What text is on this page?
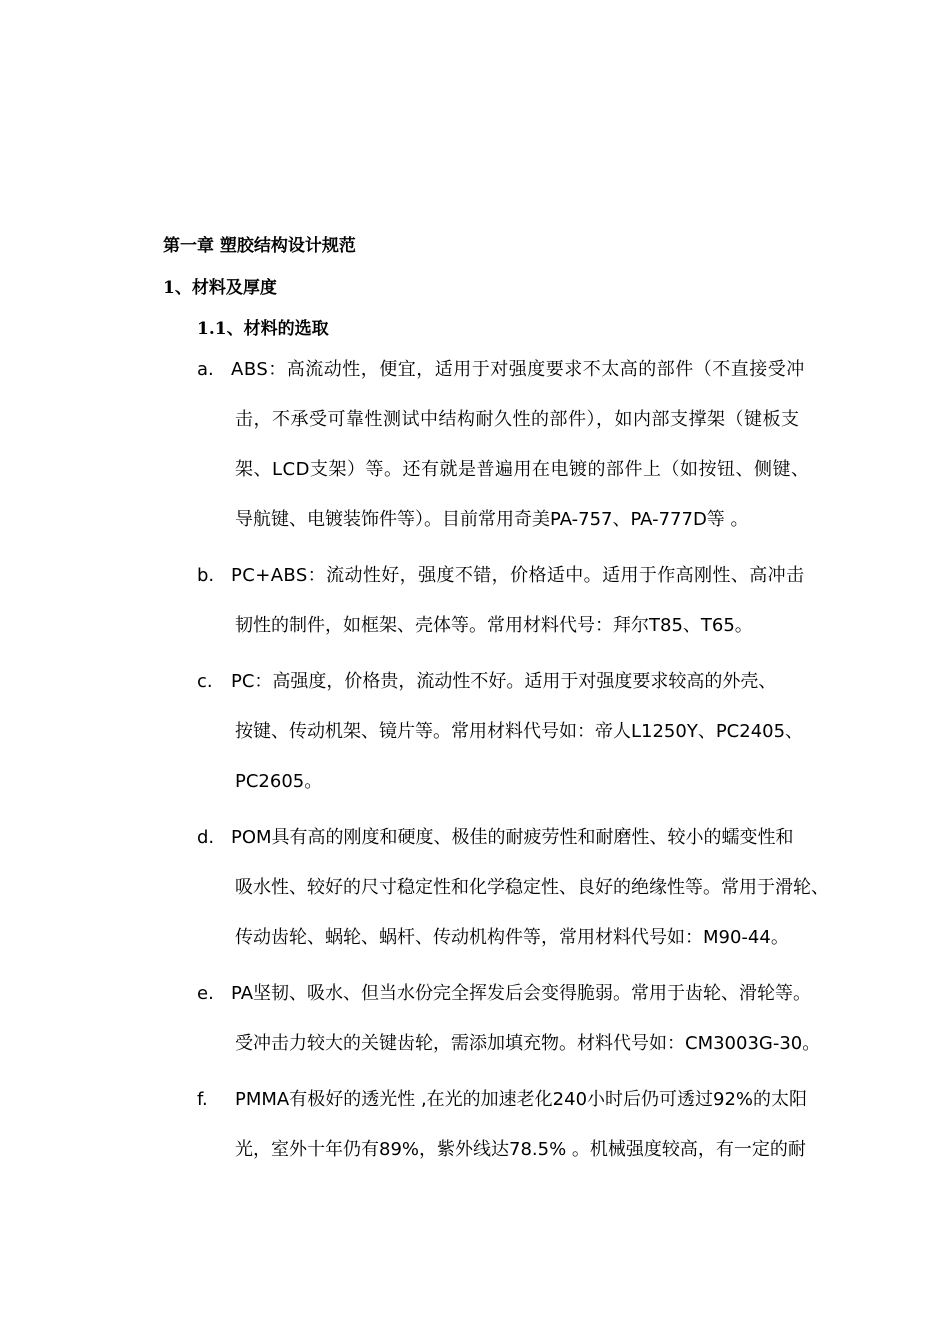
第一章 塑胶结构设计规范
1、材料及厚度
1.1、材料的选取
a. ABS：高流动性，便宜，适用于对强度要求不太高的部件（不直接受冲
击，不承受可靠性测试中结构耐久性的部件），如内部支撑架（键板支
架、LCD支架）等。还有就是普遍用在电镀的部件上（如按钮、侧键、
导航键、电镀装饰件等）。目前常用奇美PA-757、PA-777D等 。
b. PC+ABS：流动性好，强度不错，价格适中。适用于作高刚性、高冲击
韧性的制件，如框架、壳体等。常用材料代号：拜尔T85、T65。
c. PC：高强度，价格贵，流动性不好。适用于对强度要求较高的外壳、
按键、传动机架、镜片等。常用材料代号如：帝人L1250Y、PC2405、
PC2605。
d. POM具有高的刚度和硬度、极佳的耐疲劳性和耐磨性、较小的蠕变性和
吸水性、较好的尺寸稳定性和化学稳定性、良好的绝缘性等。常用于滑轮、
传动齿轮、蜗轮、蜗杆、传动机构件等，常用材料代号如：M90-44。
e. PA坚韧、吸水、但当水份完全挥发后会变得脆弱。常用于齿轮、滑轮等。
受冲击力较大的关键齿轮，需添加填充物。材料代号如：CM3003G-30。
f. PMMA有极好的透光性 ,在光的加速老化240小时后仍可透过92%的太阳
光，室外十年仍有89%，紫外线达78.5% 。机械强度较高，有一定的耐
